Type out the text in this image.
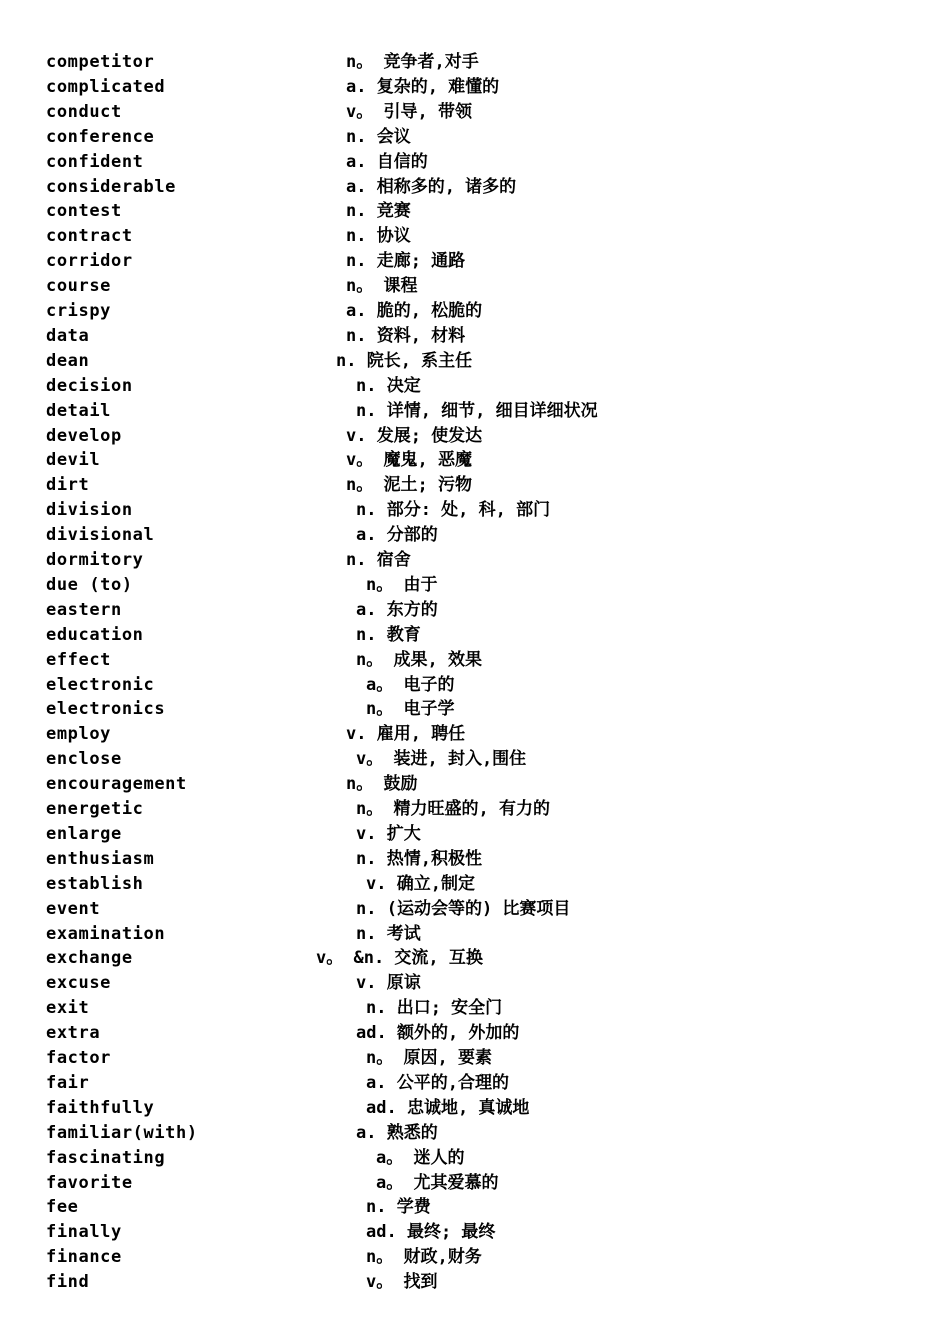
competitor	n。 竞争者,对手
complicated	a. 复杂的, 难懂的
conduct	v。 引导, 带领
conference	n. 会议
confident	a. 自信的
considerable	a. 相称多的, 诸多的
contest	n. 竞赛
contract	n. 协议
corridor	n. 走廊; 通路
course	n。 课程
crispy	a. 脆的, 松脆的
data	n. 资料, 材料
dean	n. 院长, 系主任
decision	n. 决定
detail	n. 详情, 细节, 细目详细状况
develop	v. 发展; 使发达
devil	v。 魔鬼, 恶魔
dirt	n。 泥土; 污物
division	n. 部分: 处, 科, 部门
divisional	a. 分部的
dormitory	n. 宿舍
due (to)	n。 由于
eastern	a. 东方的
education	n. 教育
effect	n。 成果, 效果
electronic	a。 电子的
electronics	n。 电子学
employ	v. 雇用, 聘任
enclose	v。 装进, 封入,围住
encouragement	n。 鼓励
energetic	n。 精力旺盛的, 有力的
enlarge	v. 扩大
enthusiasm	n. 热情,积极性
establish	v. 确立,制定
event	n. (运动会等的) 比赛项目
examination	n. 考试
exchange	v。 &n. 交流, 互换
excuse	v. 原谅
exit	n. 出口; 安全门
extra	ad. 额外的, 外加的
factor	n。 原因, 要素
fair	a. 公平的,合理的
faithfully	ad. 忠诚地, 真诚地
familiar(with)	a. 熟悉的
fascinating	a。 迷人的
favorite	a。 尤其爱慕的
fee	n. 学费
finally	ad. 最终; 最终
finance	n。 财政,财务
find	v。 找到
